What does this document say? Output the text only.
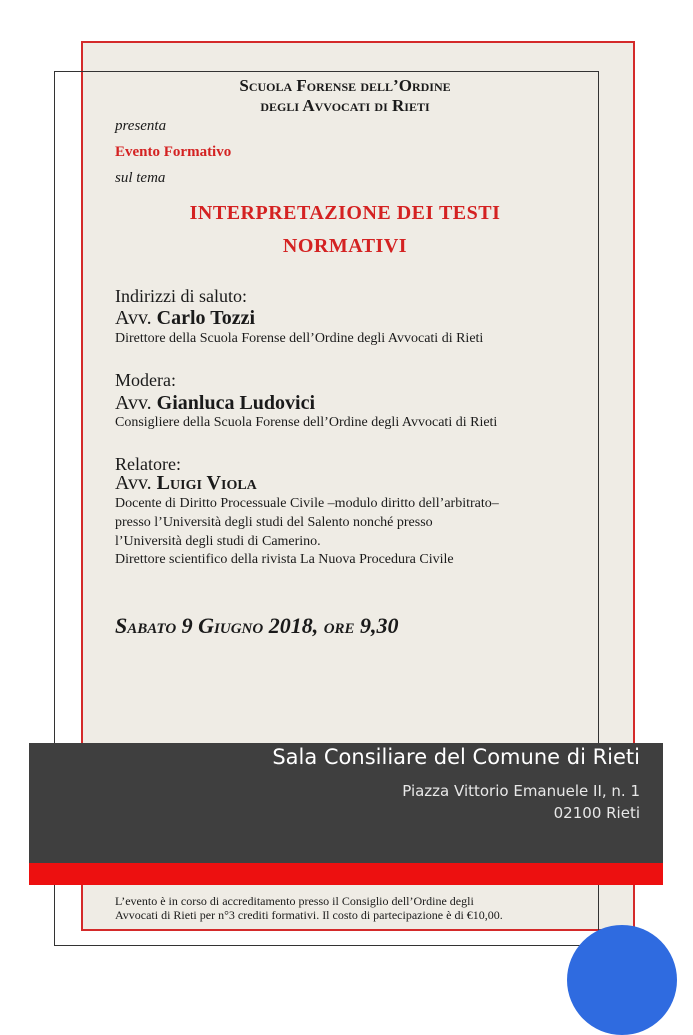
Scuola Forense dell’Ordine
degli Avvocati di Rieti
presenta
Evento Formativo
sul tema
INTERPRETAZIONE DEI TESTI
NORMATIVI
Indirizzi di saluto:
Avv. Carlo Tozzi
Direttore della Scuola Forense dell’Ordine degli Avvocati di Rieti
Modera:
Avv. Gianluca Ludovici
Consigliere della Scuola Forense dell’Ordine degli Avvocati di Rieti
Relatore:
Avv. Luigi Viola
Docente di Diritto Processuale Civile –modulo diritto dell’arbitrato–
presso l’Università degli studi del Salento nonché presso
l’Università degli studi di Camerino.
Direttore scientifico della rivista La Nuova Procedura Civile
Sabato 9 Giugno 2018, ore 9,30
Sala Consiliare del Comune di Rieti
Piazza Vittorio Emanuele II, n. 1
02100 Rieti
L’evento è in corso di accreditamento presso il Consiglio dell’Ordine degli
Avvocati di Rieti per n°3 crediti formativi. Il costo di partecipazione è di €10,00.
